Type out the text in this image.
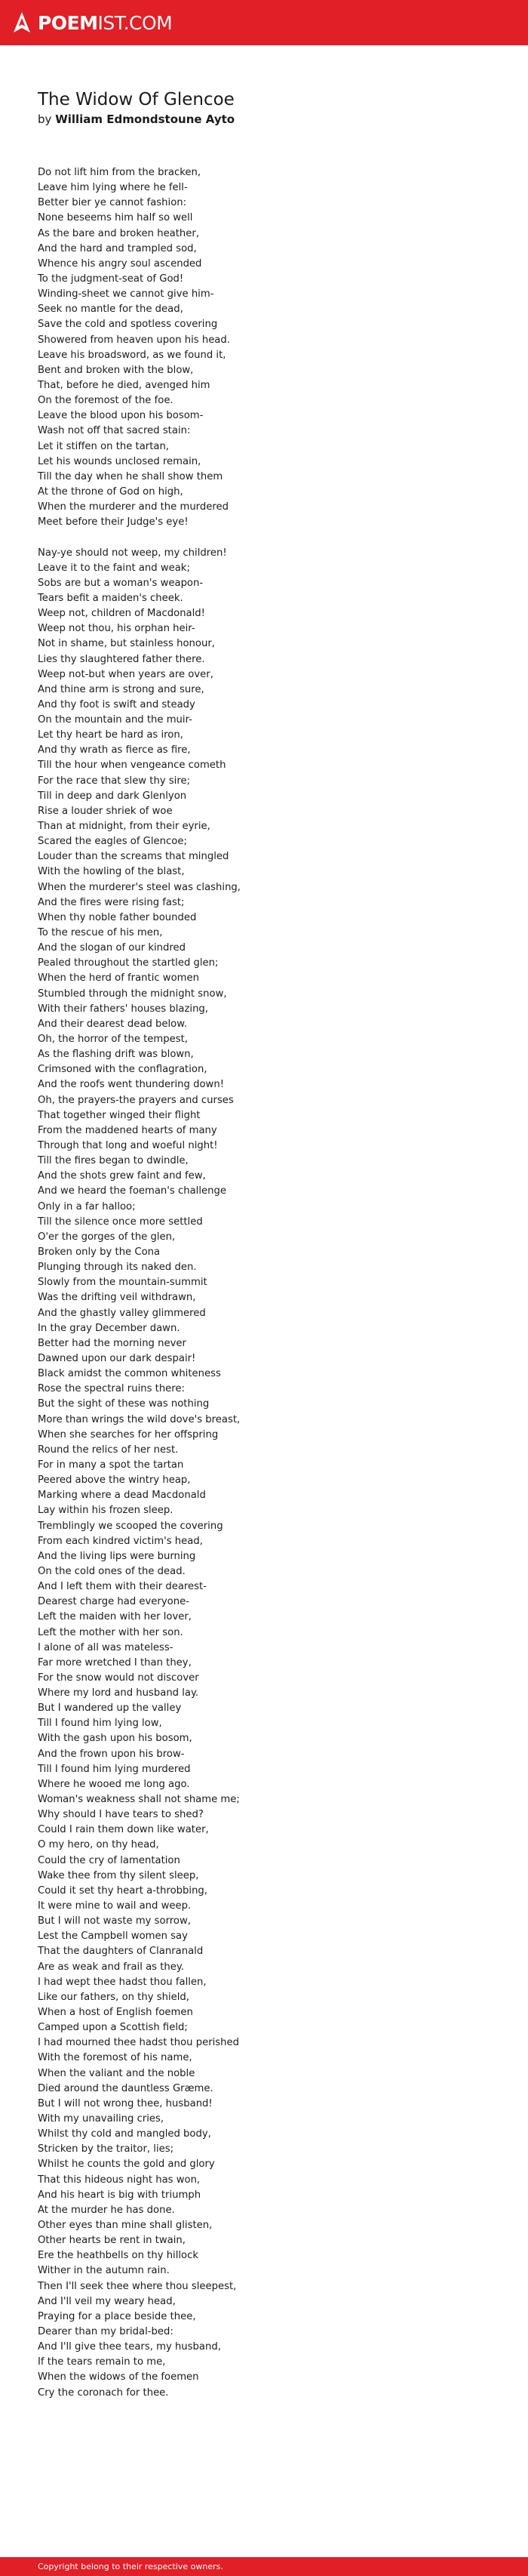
POEMIST.COM
The Widow Of Glencoe
by William Edmondstoune Ayto
Do not lift him from the bracken,
Leave him lying where he fell-
Better bier ye cannot fashion:
None beseems him half so well
As the bare and broken heather,
And the hard and trampled sod,
Whence his angry soul ascended
To the judgment-seat of God!
Winding-sheet we cannot give him-
Seek no mantle for the dead,
Save the cold and spotless covering
Showered from heaven upon his head.
Leave his broadsword, as we found it,
Bent and broken with the blow,
That, before he died, avenged him
On the foremost of the foe.
Leave the blood upon his bosom-
Wash not off that sacred stain:
Let it stiffen on the tartan,
Let his wounds unclosed remain,
Till the day when he shall show them
At the throne of God on high,
When the murderer and the murdered
Meet before their Judge's eye!
Nay-ye should not weep, my children!
Leave it to the faint and weak;
Sobs are but a woman's weapon-
Tears befit a maiden's cheek.
Weep not, children of Macdonald!
Weep not thou, his orphan heir-
Not in shame, but stainless honour,
Lies thy slaughtered father there.
Weep not-but when years are over,
And thine arm is strong and sure,
And thy foot is swift and steady
On the mountain and the muir-
Let thy heart be hard as iron,
And thy wrath as fierce as fire,
Till the hour when vengeance cometh
For the race that slew thy sire;
Till in deep and dark Glenlyon
Rise a louder shriek of woe
Than at midnight, from their eyrie,
Scared the eagles of Glencoe;
Louder than the screams that mingled
With the howling of the blast,
When the murderer's steel was clashing,
And the fires were rising fast;
When thy noble father bounded
To the rescue of his men,
And the slogan of our kindred
Pealed throughout the startled glen;
When the herd of frantic women
Stumbled through the midnight snow,
With their fathers' houses blazing,
And their dearest dead below.
Oh, the horror of the tempest,
As the flashing drift was blown,
Crimsoned with the conflagration,
And the roofs went thundering down!
Oh, the prayers-the prayers and curses
That together winged their flight
From the maddened hearts of many
Through that long and woeful night!
Till the fires began to dwindle,
And the shots grew faint and few,
And we heard the foeman's challenge
Only in a far halloo;
Till the silence once more settled
O'er the gorges of the glen,
Broken only by the Cona
Plunging through its naked den.
Slowly from the mountain-summit
Was the drifting veil withdrawn,
And the ghastly valley glimmered
In the gray December dawn.
Better had the morning never
Dawned upon our dark despair!
Black amidst the common whiteness
Rose the spectral ruins there:
But the sight of these was nothing
More than wrings the wild dove's breast,
When she searches for her offspring
Round the relics of her nest.
For in many a spot the tartan
Peered above the wintry heap,
Marking where a dead Macdonald
Lay within his frozen sleep.
Tremblingly we scooped the covering
From each kindred victim's head,
And the living lips were burning
On the cold ones of the dead.
And I left them with their dearest-
Dearest charge had everyone-
Left the maiden with her lover,
Left the mother with her son.
I alone of all was mateless-
Far more wretched I than they,
For the snow would not discover
Where my lord and husband lay.
But I wandered up the valley
Till I found him lying low,
With the gash upon his bosom,
And the frown upon his brow-
Till I found him lying murdered
Where he wooed me long ago.
Woman's weakness shall not shame me;
Why should I have tears to shed?
Could I rain them down like water,
O my hero, on thy head,
Could the cry of lamentation
Wake thee from thy silent sleep,
Could it set thy heart a-throbbing,
It were mine to wail and weep.
But I will not waste my sorrow,
Lest the Campbell women say
That the daughters of Clanranald
Are as weak and frail as they.
I had wept thee hadst thou fallen,
Like our fathers, on thy shield,
When a host of English foemen
Camped upon a Scottish field;
I had mourned thee hadst thou perished
With the foremost of his name,
When the valiant and the noble
Died around the dauntless Græme.
But I will not wrong thee, husband!
With my unavailing cries,
Whilst thy cold and mangled body,
Stricken by the traitor, lies;
Whilst he counts the gold and glory
That this hideous night has won,
And his heart is big with triumph
At the murder he has done.
Other eyes than mine shall glisten,
Other hearts be rent in twain,
Ere the heathbells on thy hillock
Wither in the autumn rain.
Then I'll seek thee where thou sleepest,
And I'll veil my weary head,
Praying for a place beside thee,
Dearer than my bridal-bed:
And I'll give thee tears, my husband,
If the tears remain to me,
When the widows of the foemen
Cry the coronach for thee.
Copyright belong to their respective owners.
